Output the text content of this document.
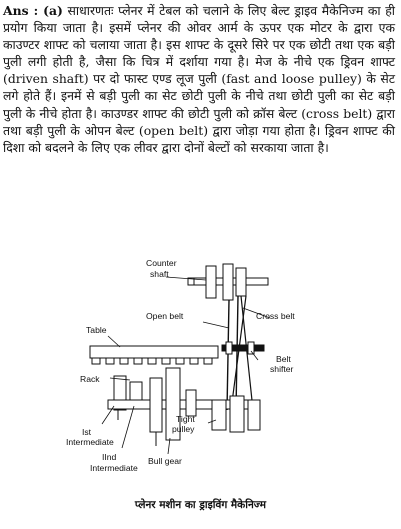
Ans : (a) साधारणतः प्लेनर में टेबल को चलाने के लिए बेल्ट ड्राइव मैकेनिज्म का ही प्रयोग किया जाता है। इसमें प्लेनर की ओवर आर्म के ऊपर एक मोटर के द्वारा एक काउण्टर शाफ्ट को चलाया जाता है। इस शाफ्ट के दूसरे सिरे पर एक छोटी तथा एक बड़ी पुली लगी होती है, जैसा कि चित्र में दर्शाया गया है। मेज के नीचे एक ड्रिवन शाफ्ट (driven shaft) पर दो फास्ट एण्ड लूज पुली (fast and loose pulley) के सेट लगे होते हैं। इनमें से बड़ी पुली का सेट छोटी पुली के नीचे तथा छोटी पुली का सेट बड़ी पुली के नीचे होता है। काउण्डर शाफ्ट की छोटी पुली को क्रॉस बेल्ट (cross belt) द्वारा तथा बड़ी पुली के ओपन बेल्ट (open belt) द्वारा जोड़ा गया होता है। ड्रिवन शाफ्ट की दिशा को बदलने के लिए एक लीवर द्वारा दोनों बेल्टों को सरकाया जाता है।
Counter
shaft
Open belt	Cross belt
Table
Belt
shifter
Rack
Tight
pulley
Ist
Intermediate
IInd
Intermediate
Bull gear
प्लेनर मशीन का ड्राइविंग मैकेनिज्म
